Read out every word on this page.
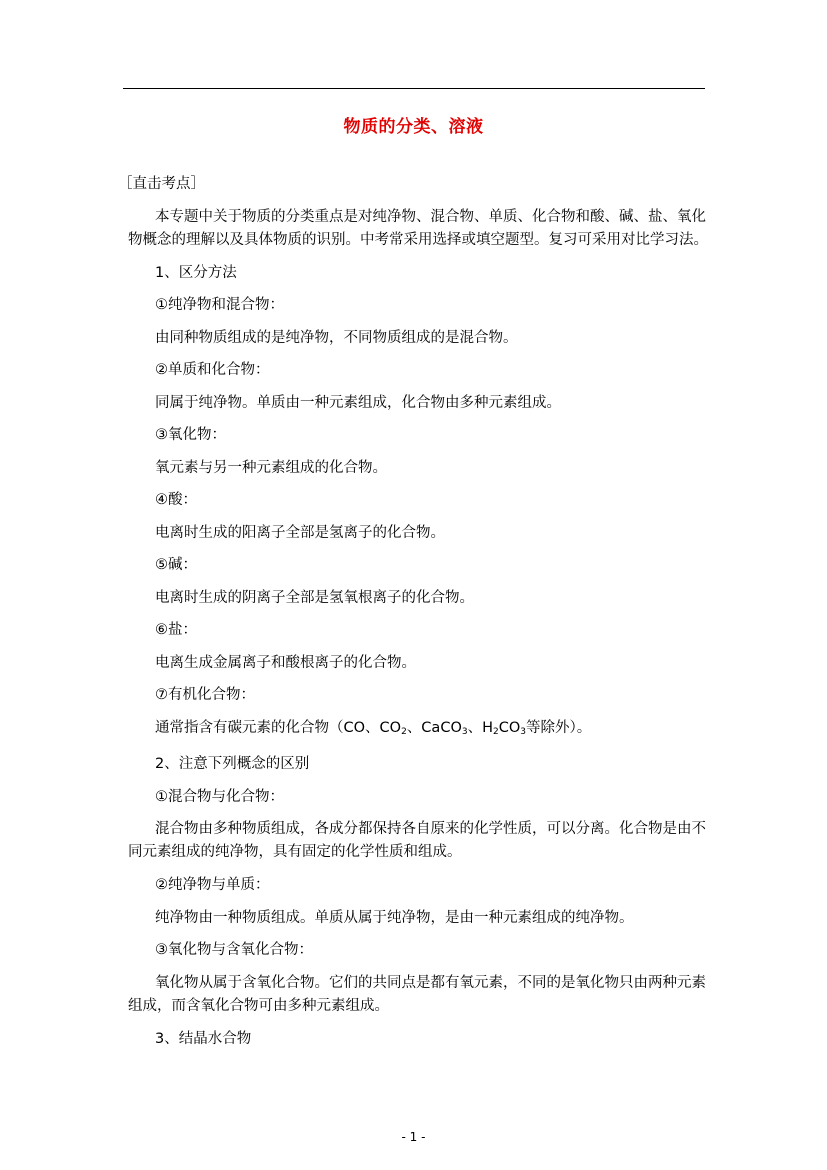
物质的分类、溶液
［直击考点］
本专题中关于物质的分类重点是对纯净物、混合物、单质、化合物和酸、碱、盐、氧化物概念的理解以及具体物质的识别。中考常采用选择或填空题型。复习可采用对比学习法。
1、区分方法
①纯净物和混合物：
由同种物质组成的是纯净物，不同物质组成的是混合物。
②单质和化合物：
同属于纯净物。单质由一种元素组成，化合物由多种元素组成。
③氧化物：
氧元素与另一种元素组成的化合物。
④酸：
电离时生成的阳离子全部是氢离子的化合物。
⑤碱：
电离时生成的阴离子全部是氢氧根离子的化合物。
⑥盐：
电离生成金属离子和酸根离子的化合物。
⑦有机化合物：
通常指含有碳元素的化合物（CO、$CO_2$、CaCO$_3$、$H_2CO_3$等除外）。
2、注意下列概念的区别
①混合物与化合物：
混合物由多种物质组成，各成分都保持各自原来的化学性质，可以分离。化合物是由不同元素组成的纯净物，具有固定的化学性质和组成。
②纯净物与单质：
纯净物由一种物质组成。单质从属于纯净物，是由一种元素组成的纯净物。
③氧化物与含氧化合物：
氧化物从属于含氧化合物。它们的共同点是都有氧元素，不同的是氧化物只由两种元素组成，而含氧化合物可由多种元素组成。
3、结晶水合物
- 1 -
